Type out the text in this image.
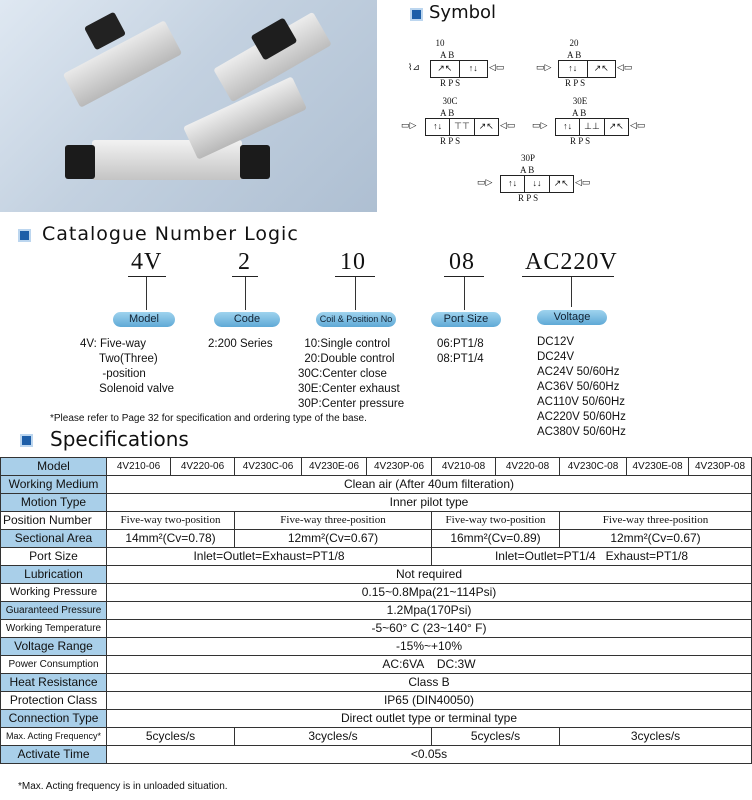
Symbol
10
A B
↗↖	↑↓
⌇⊿	◁▭
R P S
20
A B
↑↓	↗↖
▭▷	◁▭
R P S
30C
A B
↑↓	⊤⊤ ↗↖
▭▷	◁▭
R P S
30E
A B
↑↓	⊥⊥ ↗↖
▭▷	◁▭
R P S
30P
A B
↑↓	↓↓	↗↖
▭▷	◁▭
R P S
Catalogue Number Logic
4V	2	10	08 AC220V
Model	Code	Coil & Position No	Port Size	Voltage
4V: Five-way
Two(Three)
-position
Solenoid valve
2:200 Series	10:Single control
20:Double control
30C:Center close
30E:Center exhaust
30P:Center pressure
06:PT1/8
08:PT1/4
DC12V
DC24V
AC24V 50/60Hz
AC36V 50/60Hz
AC110V 50/60Hz
AC220V 50/60Hz
AC380V 50/60Hz
*Please refer to Page 32 for specification and ordering type of the base.
Specifications
Model	4V210-06	4V220-06	4V230C-06	4V230E-06	4V230P-06	4V210-08	4V220-08	4V230C-08	4V230E-08	4V230P-08
Working Medium	Clean air (After 40um filteration)									
Motion Type	Inner pilot type									
Position Number	Five-way two-position		Five-way three-position			Five-way two-position		Five-way three-position		
Sectional Area	14mm²(Cv=0.78)		12mm²(Cv=0.67)			16mm²(Cv=0.89)		12mm²(Cv=0.67)		
Port Size	Inlet=Outlet=Exhaust=PT1/8					Inlet=Outlet=PT1/4   Exhaust=PT1/8				
Lubrication	Not required									
Working Pressure	0.15~0.8Mpa(21~114Psi)									
Guaranteed Pressure	1.2Mpa(170Psi)									
Working Temperature	-5~60° C (23~140° F)									
Voltage Range	-15%~+10%									
Power Consumption	AC:6VA    DC:3W									
Heat Resistance	Class B									
Protection Class	IP65 (DIN40050)									
Connection Type	Direct outlet type or terminal type									
Max. Acting Frequency*	5cycles/s		3cycles/s			5cycles/s		3cycles/s		
Activate Time	<0.05s									
*Max. Acting frequency is in unloaded situation.
